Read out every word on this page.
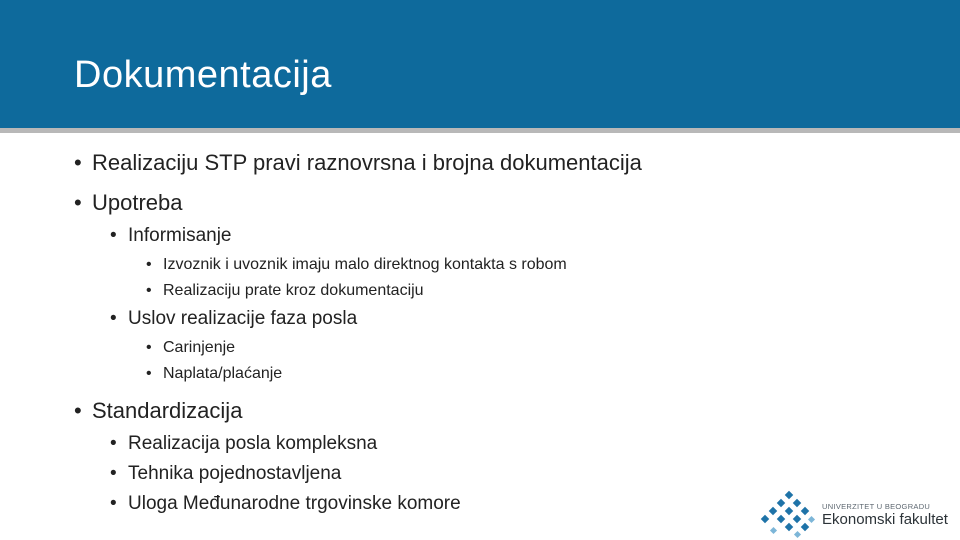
Dokumentacija
• Realizaciju STP pravi raznovrsna i brojna dokumentacija
• Upotreba
• Informisanje
• Izvoznik i uvoznik imaju malo direktnog kontakta s robom
• Realizaciju prate kroz dokumentaciju
• Uslov realizacije faza posla
• Carinjenje
• Naplata/plaćanje
• Standardizacija
• Realizacija posla kompleksna
• Tehnika pojednostavljena
• Uloga Međunarodne trgovinske komore	UNIVERZITET U BEOGRADU
Ekonomski fakultet
